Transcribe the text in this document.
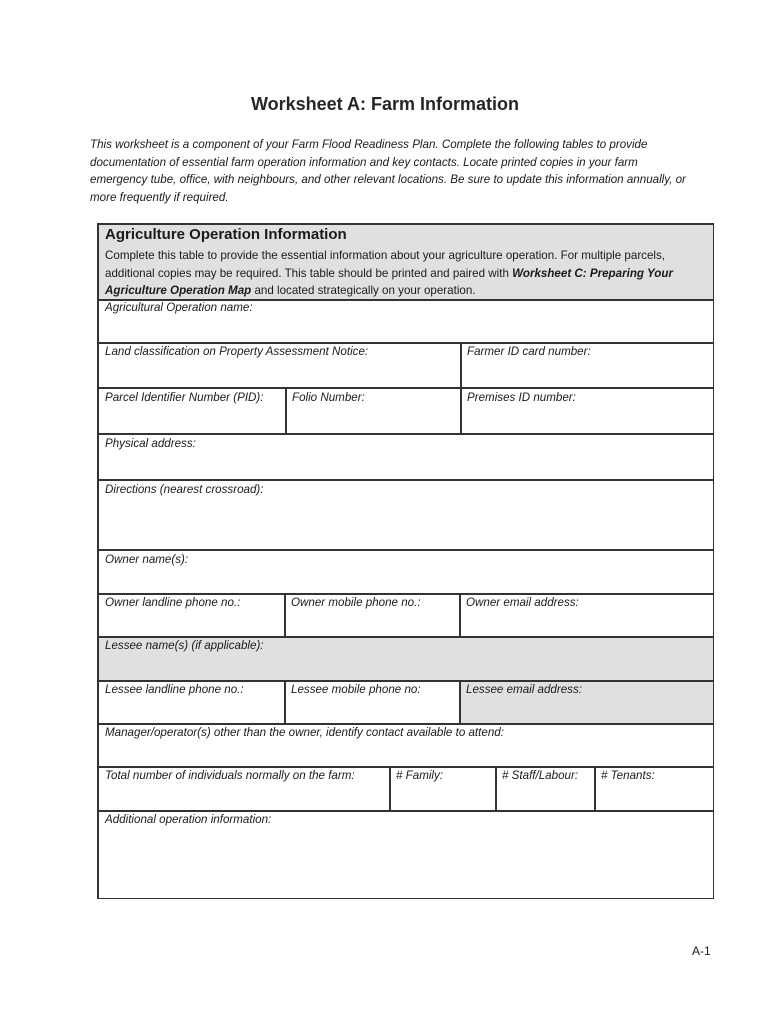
Worksheet A: Farm Information
This worksheet is a component of your Farm Flood Readiness Plan. Complete the following tables to provide documentation of essential farm operation information and key contacts. Locate printed copies in your farm emergency tube, office, with neighbours, and other relevant locations. Be sure to update this information annually, or more frequently if required.
Agriculture Operation Information
Complete this table to provide the essential information about your agriculture operation. For multiple parcels, additional copies may be required. This table should be printed and paired with Worksheet C: Preparing Your Agriculture Operation Map and located strategically on your operation.
Agricultural Operation name:
Land classification on Property Assessment Notice:	Farmer ID card number:
Parcel Identifier Number (PID): Folio Number:	Premises ID number:
Physical address:
Directions (nearest crossroad):
Owner name(s):
Owner landline phone no.:	Owner mobile phone no.:	Owner email address:
Lessee name(s) (if applicable):
Lessee landline phone no.:	Lessee mobile phone no:	Lessee email address:
Manager/operator(s) other than the owner, identify contact available to attend:
Total number of individuals normally on the farm:	# Family:	# Staff/Labour: # Tenants:
Additional operation information:
A-1
